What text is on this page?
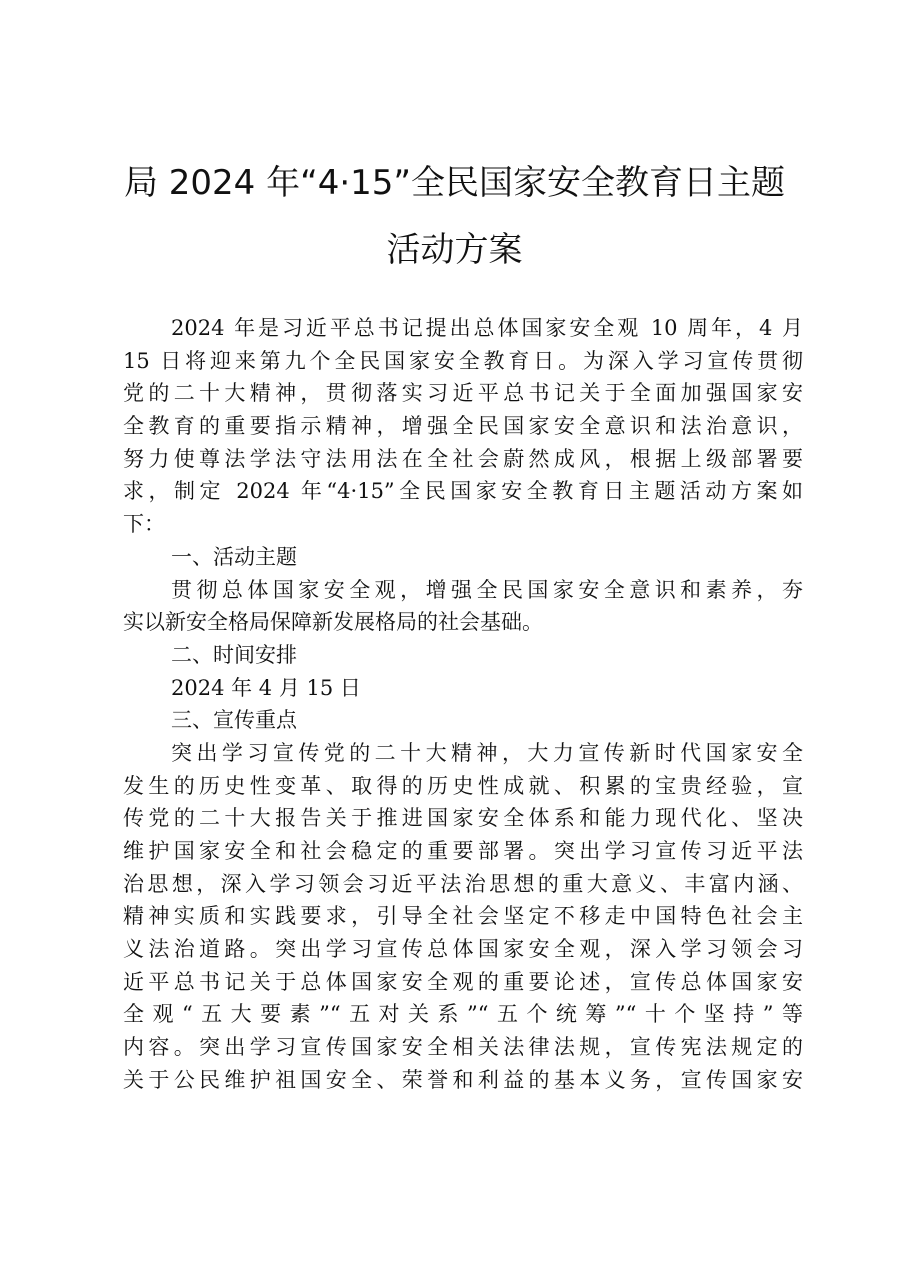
局 2024 年“4·15”全民国家安全教育日主题
活动方案
2024 年是习近平总书记提出总体国家安全观 10 周年，4 月
15 日将迎来第九个全民国家安全教育日。为深入学习宣传贯彻
党的二十大精神，贯彻落实习近平总书记关于全面加强国家安
全教育的重要指示精神，增强全民国家安全意识和法治意识，
努力使尊法学法守法用法在全社会蔚然成风，根据上级部署要
求，制定 2024 年“4·15”全民国家安全教育日主题活动方案如
下：
一、活动主题
贯彻总体国家安全观，增强全民国家安全意识和素养，夯
实以新安全格局保障新发展格局的社会基础。
二、时间安排
2024 年 4 月 15 日
三、宣传重点
突出学习宣传党的二十大精神，大力宣传新时代国家安全
发生的历史性变革、取得的历史性成就、积累的宝贵经验，宣
传党的二十大报告关于推进国家安全体系和能力现代化、坚决
维护国家安全和社会稳定的重要部署。突出学习宣传习近平法
治思想，深入学习领会习近平法治思想的重大意义、丰富内涵、
精神实质和实践要求，引导全社会坚定不移走中国特色社会主
义法治道路。突出学习宣传总体国家安全观，深入学习领会习
近平总书记关于总体国家安全观的重要论述，宣传总体国家安
全观“五大要素”“五对关系”“五个统筹”“十个坚持”等
内容。突出学习宣传国家安全相关法律法规，宣传宪法规定的
关于公民维护祖国安全、荣誉和利益的基本义务，宣传国家安
